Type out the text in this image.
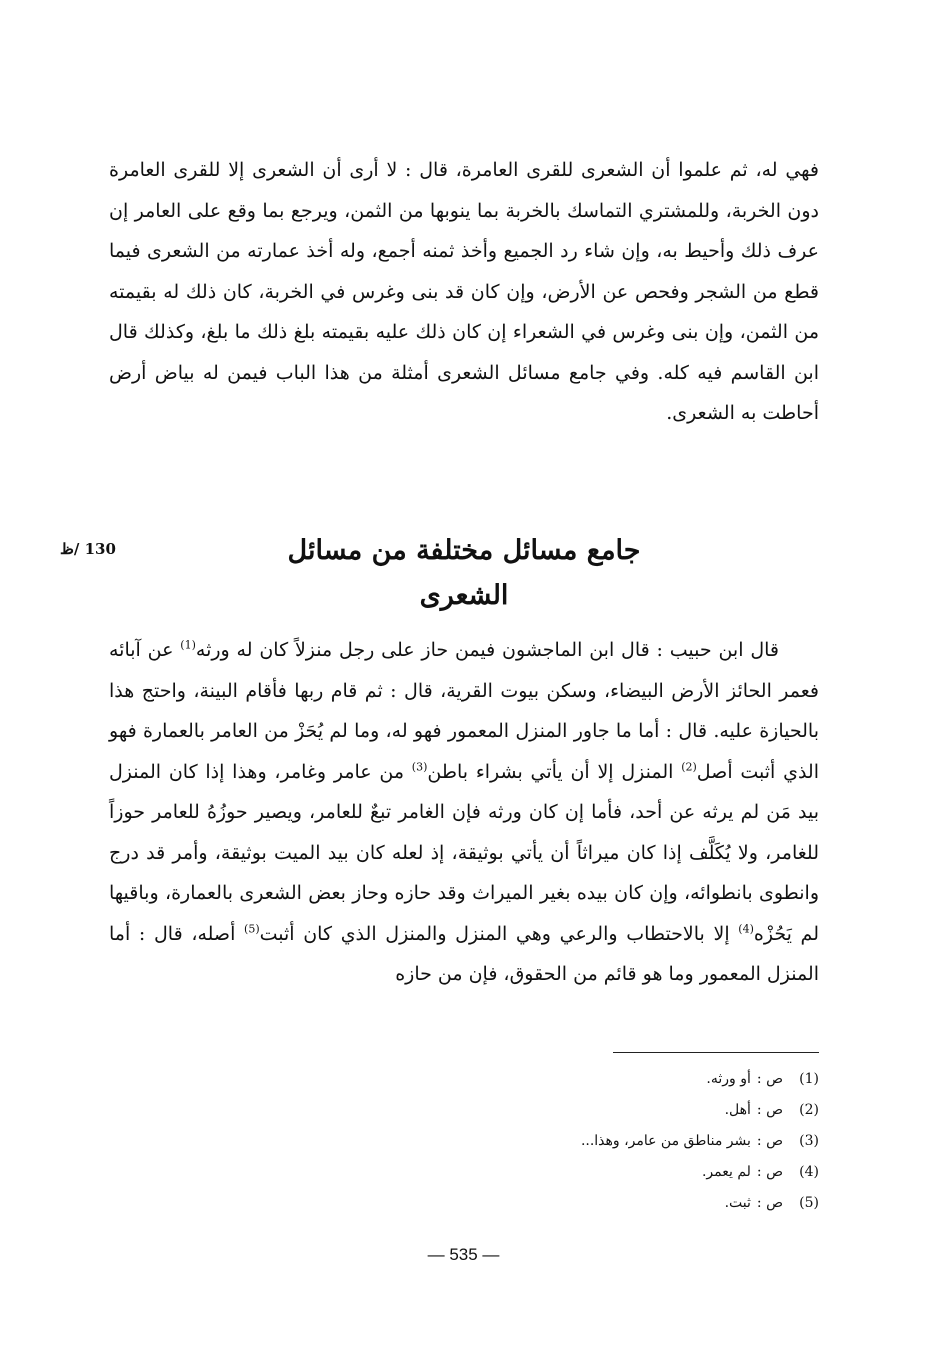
فهي له، ثم علموا أن الشعرى للقرى العامرة، قال : لا أرى أن الشعرى إلا للقرى العامرة دون الخربة، وللمشتري التماسك بالخربة بما ينوبها من الثمن، ويرجع بما وقع على العامر إن عرف ذلك وأحيط به، وإن شاء رد الجميع وأخذ ثمنه أجمع، وله أخذ عمارته من الشعرى فيما قطع من الشجر وفحص عن الأرض، وإن كان قد بنى وغرس في الخربة، كان ذلك له بقيمته من الثمن، وإن بنى وغرس في الشعراء إن كان ذلك عليه بقيمته بلغ ذلك ما بلغ، وكذلك قال ابن القاسم فيه كله. وفي جامع مسائل الشعرى أمثلة من هذا الباب فيمن له بياض أرض أحاطت به الشعرى.

جامع مسائل مختلفة من مسائل
الشعرى
130 /ظ

قال ابن حبيب : قال ابن الماجشون فيمن حاز على رجل منزلاً كان له ورثه$^{(1)}$ عن آبائه فعمر الحائز الأرض البيضاء، وسكن بيوت القرية، قال : ثم قام ربها فأقام البينة، واحتج هذا بالحيازة عليه. قال : أما ما جاور المنزل المعمور فهو له، وما لم يُحَزْ من العامر بالعمارة فهو الذي أثبت أصل$^{(2)}$ المنزل إلا أن يأتي بشراء باطن$^{(3)}$ من عامر وغامر، وهذا إذا كان المنزل بيد مَن لم يرثه عن أحد، فأما إن كان ورثه فإن الغامر تبعٌ للعامر، ويصير حوزُهُ للعامر حوزاً للغامر، ولا يُكَلَّف إذا كان ميراثاً أن يأتي بوثيقة، إذ لعله كان بيد الميت بوثيقة، وأمر قد درج وانطوى بانطوائه، وإن كان بيده بغير الميراث وقد حازه وحاز بعض الشعرى بالعمارة، وباقيها لم يَحُزْه$^{(4)}$ إلا بالاحتطاب والرعي وهي المنزل والمنزل الذي كان أثبت$^{(5)}$ أصله، قال : أما المنزل المعمور وما هو قائم من الحقوق، فإن من حازه

(1)ص :أو ورثه.
(2)ص :أهل.
(3)ص :بشر مناطق من عامر، وهذا...
(4)ص :لم يعمر.
(5)ص :ثبت.
— 535 —
